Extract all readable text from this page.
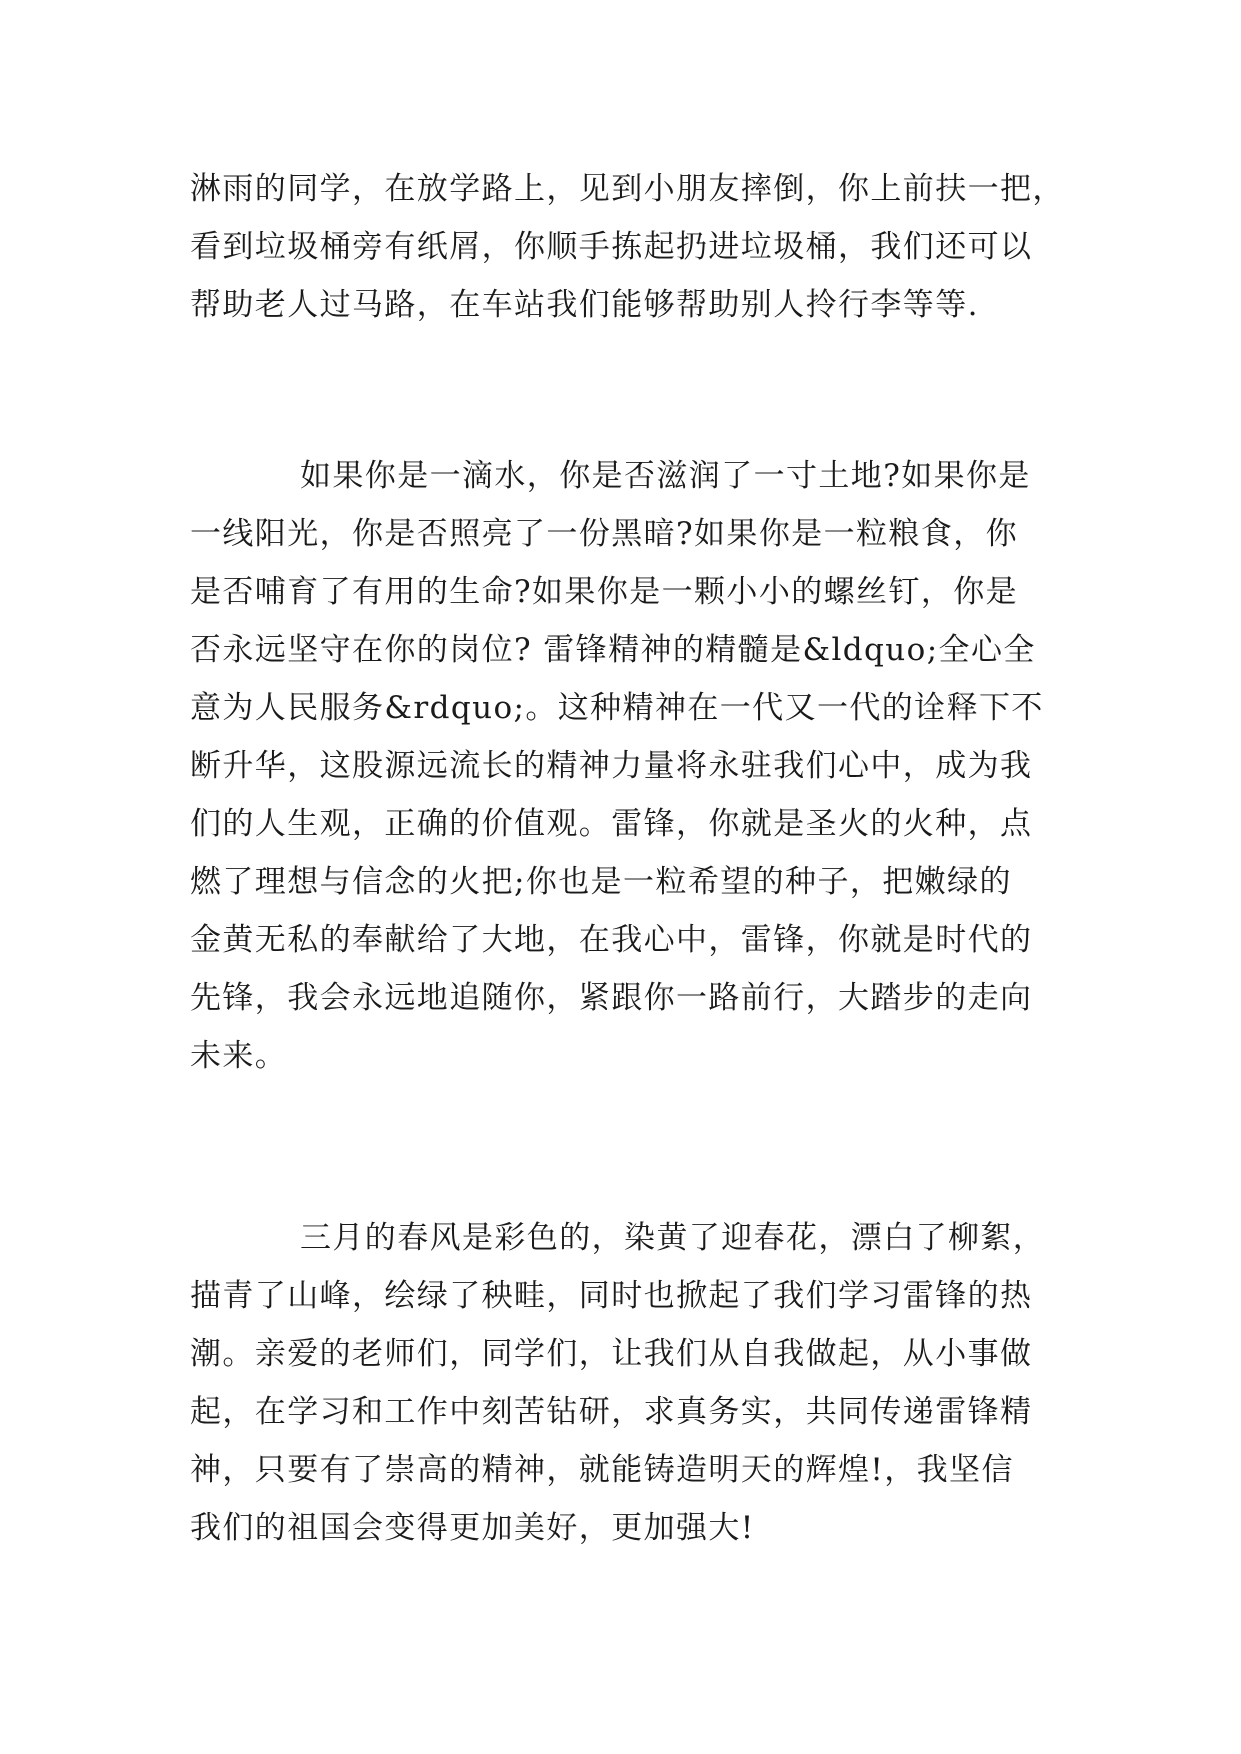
淋雨的同学，在放学路上，见到小朋友摔倒，你上前扶一把，
看到垃圾桶旁有纸屑，你顺手拣起扔进垃圾桶，我们还可以
帮助老人过马路，在车站我们能够帮助别人拎行李等等.
如果你是一滴水，你是否滋润了一寸土地?如果你是
一线阳光，你是否照亮了一份黑暗?如果你是一粒粮食，你
是否哺育了有用的生命?如果你是一颗小小的螺丝钉，你是
否永远坚守在你的岗位? 雷锋精神的精髓是&ldquo;全心全
意为人民服务&rdquo;。这种精神在一代又一代的诠释下不
断升华，这股源远流长的精神力量将永驻我们心中，成为我
们的人生观，正确的价值观。雷锋，你就是圣火的火种，点
燃了理想与信念的火把;你也是一粒希望的种子，把嫩绿的
金黄无私的奉献给了大地，在我心中，雷锋，你就是时代的
先锋，我会永远地追随你，紧跟你一路前行，大踏步的走向
未来。
三月的春风是彩色的，染黄了迎春花，漂白了柳絮，
描青了山峰，绘绿了秧畦，同时也掀起了我们学习雷锋的热
潮。亲爱的老师们，同学们，让我们从自我做起，从小事做
起，在学习和工作中刻苦钻研，求真务实，共同传递雷锋精
神，只要有了崇高的精神，就能铸造明天的辉煌!，我坚信
我们的祖国会变得更加美好，更加强大!
